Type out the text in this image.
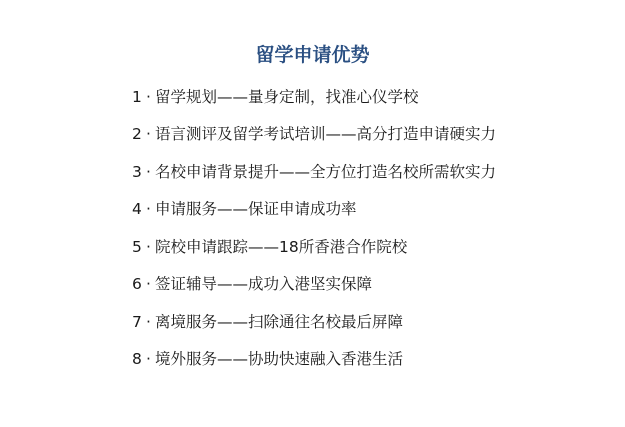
留学申请优势
1 · 留学规划——量身定制，找准心仪学校
2 · 语言测评及留学考试培训——高分打造申请硬实力
3 · 名校申请背景提升——全方位打造名校所需软实力
4 · 申请服务——保证申请成功率
5 · 院校申请跟踪——18所香港合作院校
6 · 签证辅导——成功入港坚实保障
7 · 离境服务——扫除通往名校最后屏障
8 · 境外服务——协助快速融入香港生活
